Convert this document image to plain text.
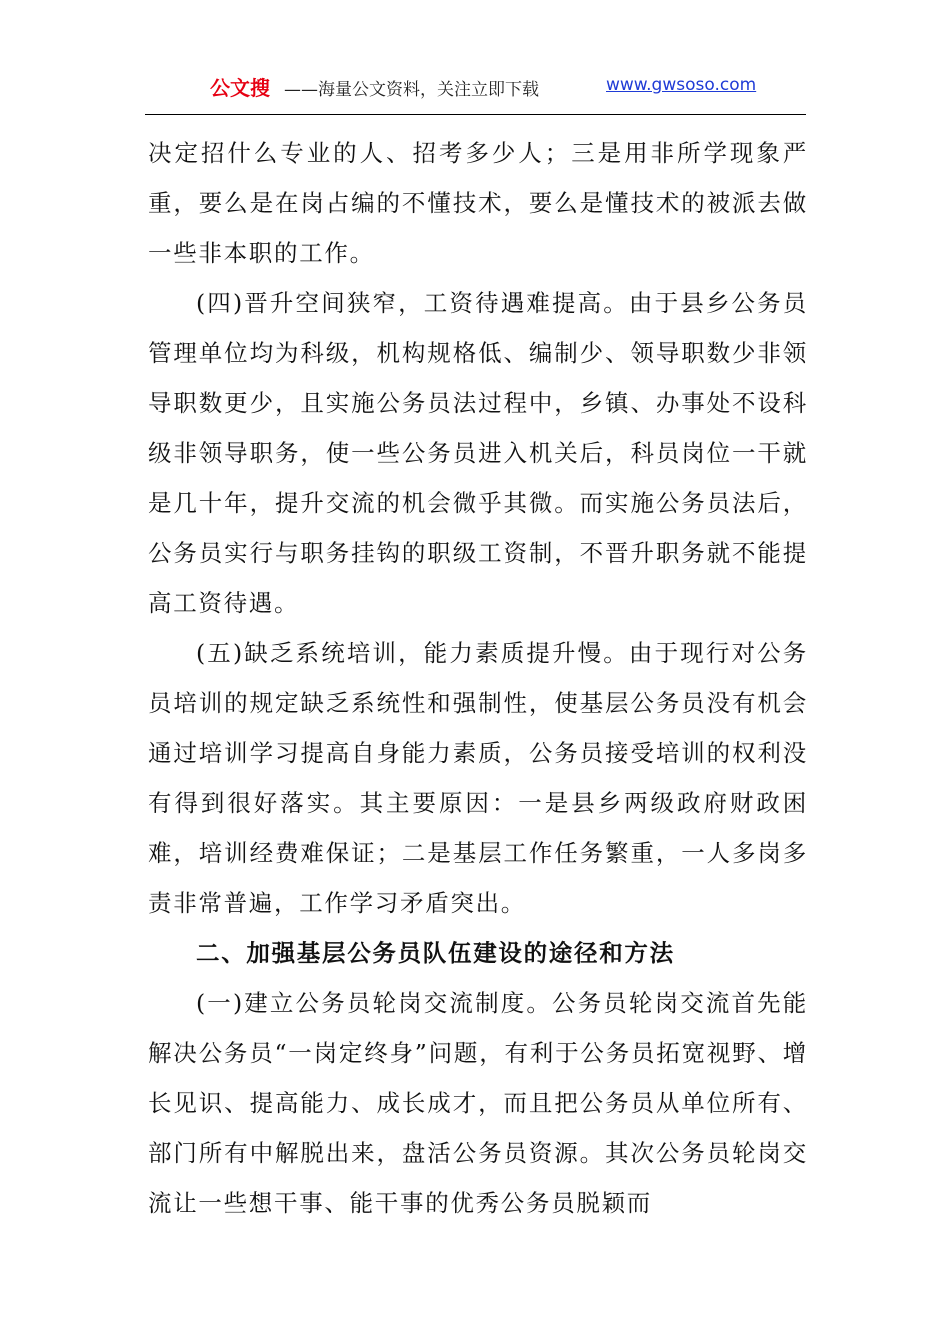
公文搜 ——海量公文资料，关注立即下载	www.gwsoso.com

决定招什么专业的人、招考多少人；三是用非所学现象严重，要么是在岗占编的不懂技术，要么是懂技术的被派去做一些非本职的工作。

(四)晋升空间狭窄，工资待遇难提高。由于县乡公务员管理单位均为科级，机构规格低、编制少、领导职数少非领导职数更少，且实施公务员法过程中，乡镇、办事处不设科级非领导职务，使一些公务员进入机关后，科员岗位一干就是几十年，提升交流的机会微乎其微。而实施公务员法后，公务员实行与职务挂钩的职级工资制，不晋升职务就不能提高工资待遇。

(五)缺乏系统培训，能力素质提升慢。由于现行对公务员培训的规定缺乏系统性和强制性，使基层公务员没有机会通过培训学习提高自身能力素质，公务员接受培训的权利没有得到很好落实。其主要原因：一是县乡两级政府财政困难，培训经费难保证；二是基层工作任务繁重，一人多岗多责非常普遍，工作学习矛盾突出。

二、加强基层公务员队伍建设的途径和方法

(一)建立公务员轮岗交流制度。公务员轮岗交流首先能解决公务员“一岗定终身”问题，有利于公务员拓宽视野、增长见识、提高能力、成长成才，而且把公务员从单位所有、部门所有中解脱出来，盘活公务员资源。其次公务员轮岗交流让一些想干事、能干事的优秀公务员脱颖而
